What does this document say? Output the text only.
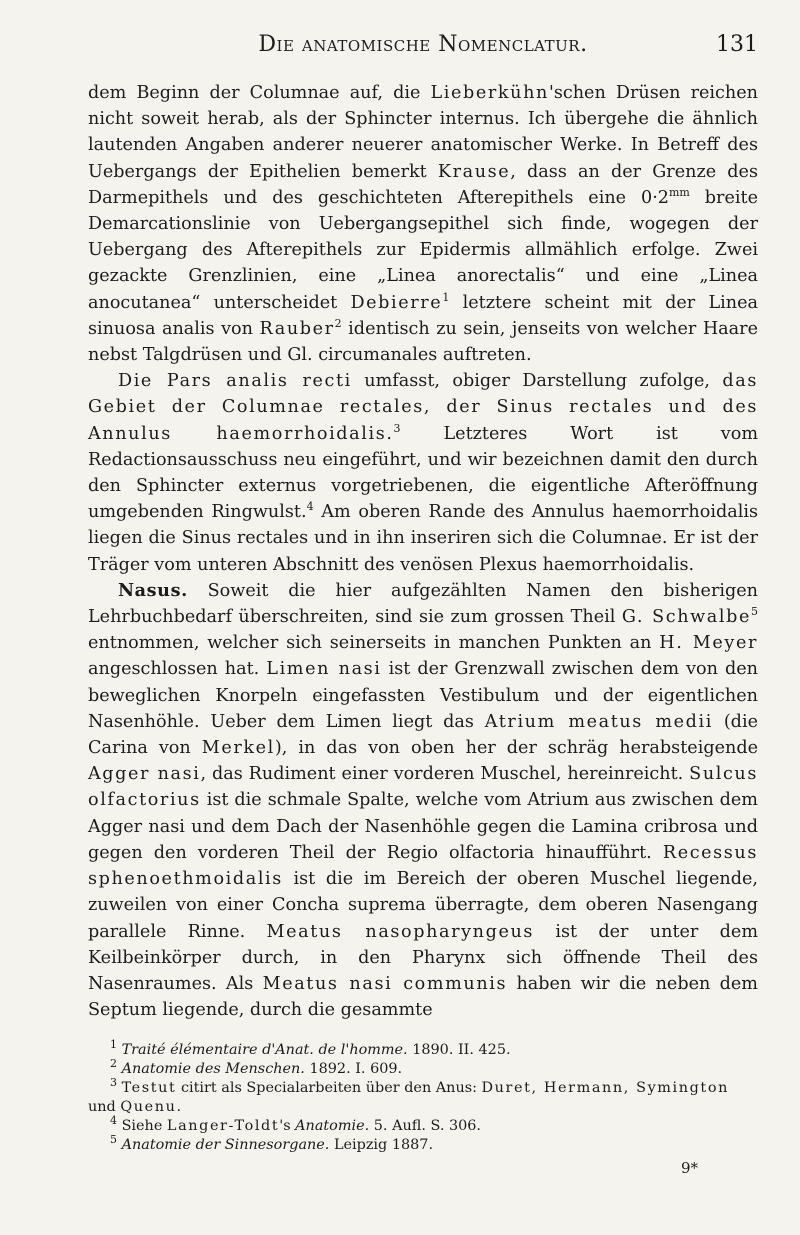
Die anatomische Nomenclatur.	131

dem Beginn der Columnae auf, die Lieberkühn'schen Drüsen reichen nicht soweit herab, als der Sphincter internus. Ich übergehe die ähnlich lautenden Angaben anderer neuerer anatomischer Werke. In Betreff des Uebergangs der Epithelien bemerkt Krause, dass an der Grenze des Darmepithels und des geschichteten Afterepithels eine $0\cdot 2^{mm}$ breite Demarcationslinie von Uebergangsepithel sich finde, wogegen der Uebergang des Afterepithels zur Epidermis allmählich erfolge. Zwei gezackte Grenzlinien, eine „Linea anorectalis“ und eine „Linea anocutanea“ unterscheidet Debierre$^1$ letztere scheint mit der Linea sinuosa analis von Rauber$^2$ identisch zu sein, jenseits von welcher Haare nebst Talgdrüsen und Gl. circumanales auftreten.

Die Pars analis recti umfasst, obiger Darstellung zufolge, das Gebiet der Columnae rectales, der Sinus rectales und des Annulus haemorrhoidalis.$^3$ Letzteres Wort ist vom Redactionsausschuss neu eingeführt, und wir bezeichnen damit den durch den Sphincter externus vorgetriebenen, die eigentliche Afteröffnung umgebenden Ringwulst.$^4$ Am oberen Rande des Annulus haemorrhoidalis liegen die Sinus rectales und in ihn inseriren sich die Columnae. Er ist der Träger vom unteren Abschnitt des venösen Plexus haemorrhoidalis.

Nasus. Soweit die hier aufgezählten Namen den bisherigen Lehrbuchbedarf überschreiten, sind sie zum grossen Theil G. Schwalbe$^5$ entnommen, welcher sich seinerseits in manchen Punkten an H. Meyer angeschlossen hat. Limen nasi ist der Grenzwall zwischen dem von den beweglichen Knorpeln eingefassten Vestibulum und der eigentlichen Nasenhöhle. Ueber dem Limen liegt das Atrium meatus medii (die Carina von Merkel), in das von oben her der schräg herabsteigende Agger nasi, das Rudiment einer vorderen Muschel, hereinreicht. Sulcus olfactorius ist die schmale Spalte, welche vom Atrium aus zwischen dem Agger nasi und dem Dach der Nasenhöhle gegen die Lamina cribrosa und gegen den vorderen Theil der Regio olfactoria hinaufführt. Recessus sphenoethmoidalis ist die im Bereich der oberen Muschel liegende, zuweilen von einer Concha suprema überragte, dem oberen Nasengang parallele Rinne. Meatus nasopharyngeus ist der unter dem Keilbeinkörper durch, in den Pharynx sich öffnende Theil des Nasenraumes. Als Meatus nasi communis haben wir die neben dem Septum liegende, durch die gesammte

$^1$ Traité élémentaire d'Anat. de l'homme. 1890. II. 425.

$^2$ Anatomie des Menschen. 1892. I. 609.

$^3$ Testut citirt als Specialarbeiten über den Anus: Duret, Hermann, Symington und Quenu.

$^4$ Siehe Langer-Toldt's Anatomie. 5. Aufl. S. 306.

$^5$ Anatomie der Sinnesorgane. Leipzig 1887.

9*
